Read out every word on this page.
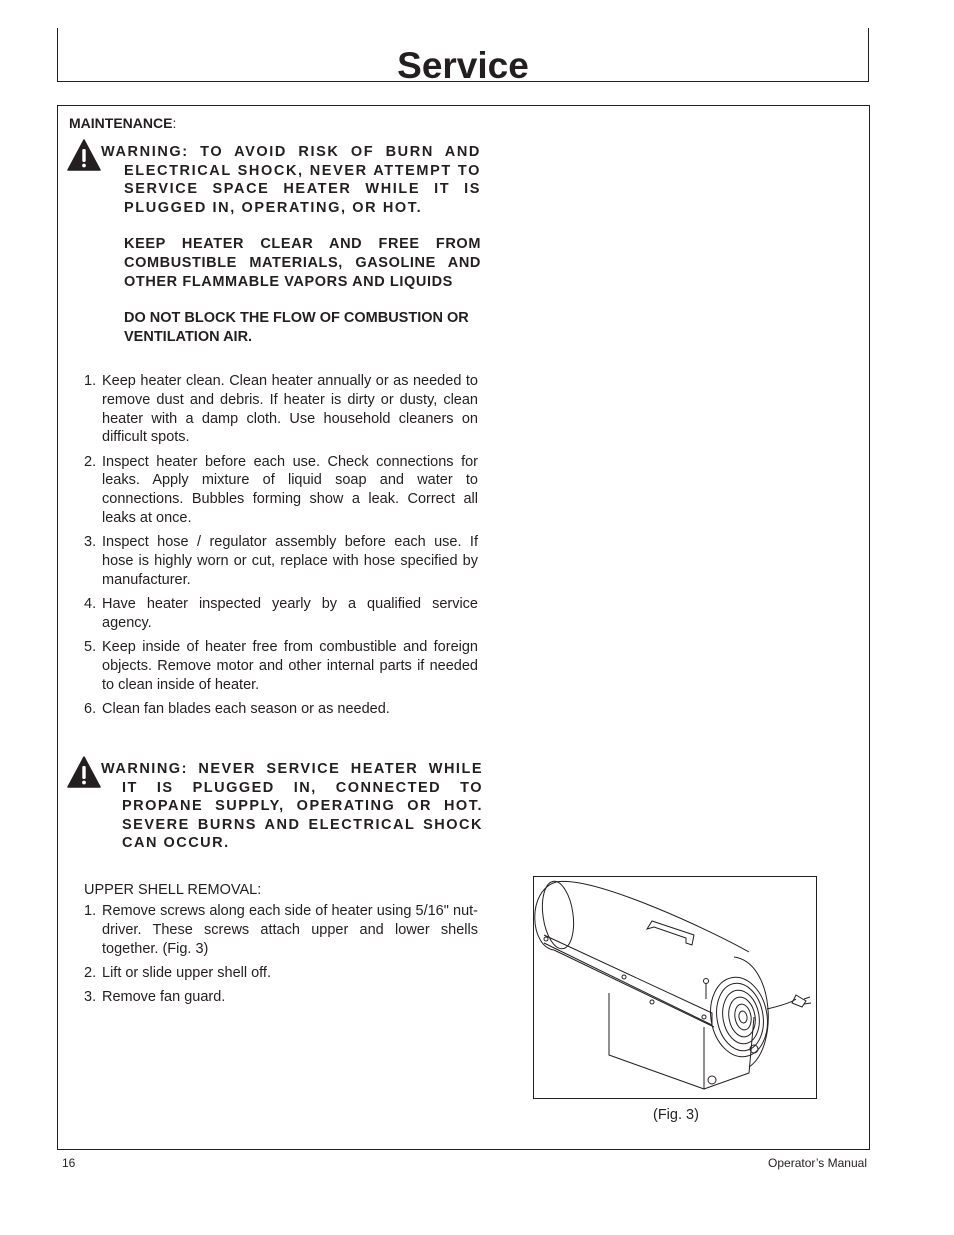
Service
MAINTENANCE:

WARNING: TO AVOID RISK OF BURN AND ELECTRICAL SHOCK, NEVER ATTEMPT TO SERVICE SPACE HEATER WHILE IT IS PLUGGED IN, OPERATING, OR HOT.

KEEP HEATER CLEAR AND FREE FROM COMBUSTIBLE MATERIALS, GASOLINE AND OTHER FLAMMABLE VAPORS AND LIQUIDS

DO NOT BLOCK THE FLOW OF COMBUSTION OR VENTILATION AIR.

1. Keep heater clean. Clean heater annually or as needed to remove dust and debris. If heater is dirty or dusty, clean heater with a damp cloth. Use household cleaners on difficult spots.
2. Inspect heater before each use. Check connections for leaks. Apply mixture of liquid soap and water to connections. Bubbles forming show a leak. Correct all leaks at once.
3. Inspect hose / regulator assembly before each use. If hose is highly worn or cut, replace with hose specified by manufacturer.
4. Have heater inspected yearly by a qualified service agency.
5. Keep inside of heater free from combustible and foreign objects. Remove motor and other internal parts if needed to clean inside of heater.
6. Clean fan blades each season or as needed.

WARNING: NEVER SERVICE HEATER WHILE IT IS PLUGGED IN, CONNECTED TO PROPANE SUPPLY, OPERATING OR HOT. SEVERE BURNS AND ELECTRICAL SHOCK CAN OCCUR.

UPPER SHELL REMOVAL:
1. Remove screws along each side of heater using 5/16" nut-driver. These screws attach upper and lower shells together. (Fig. 3)
2. Lift or slide upper shell off.
3. Remove fan guard.
(Fig. 3)
16	Operator’s Manual
